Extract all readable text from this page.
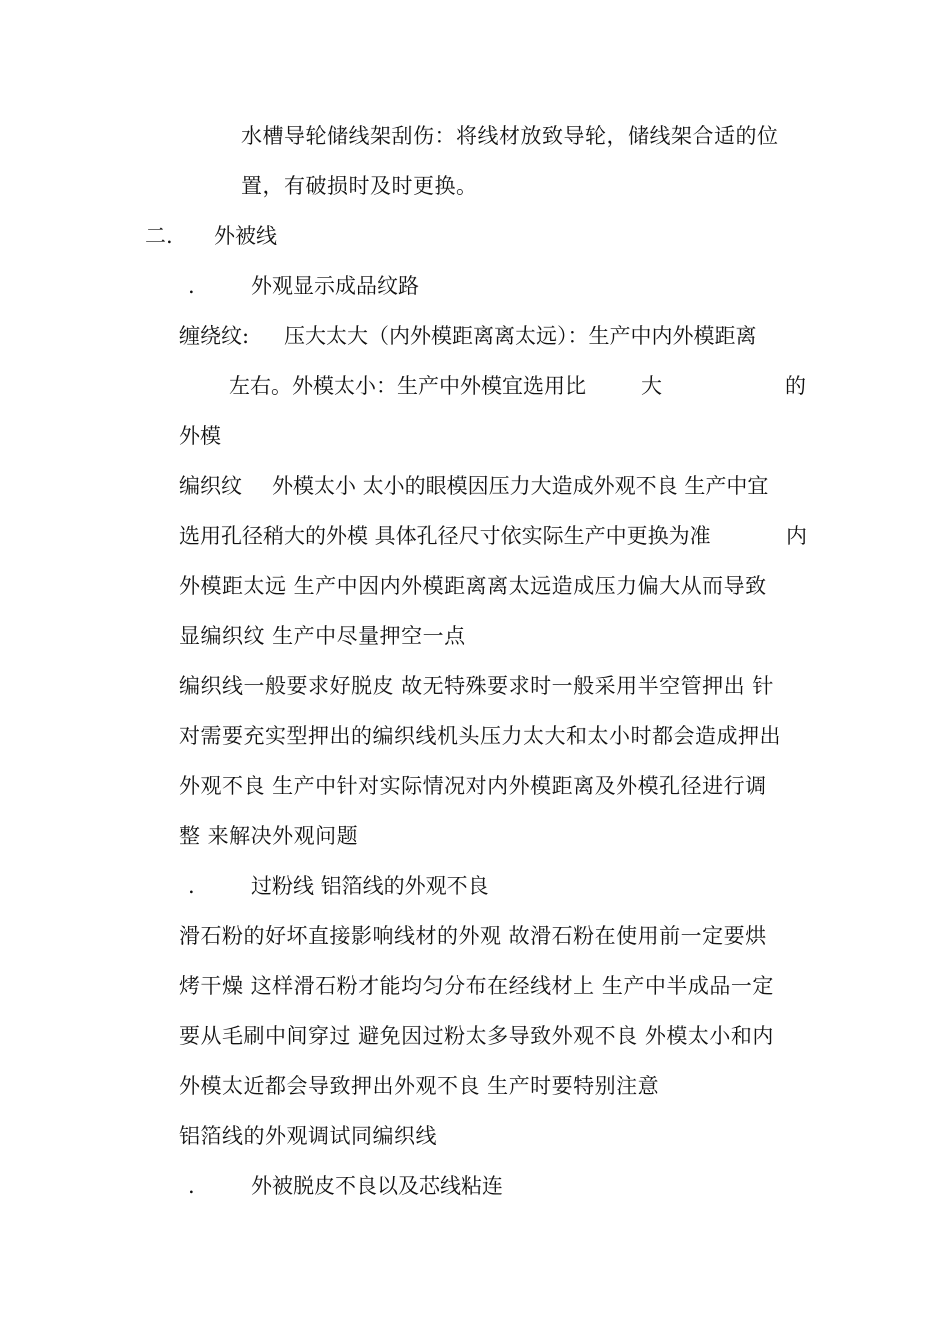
水槽导轮储线架刮伤：将线材放致导轮，储线架合适的位
置，有破损时及时更换。
二. 外被线
.	外观显示成品纹路
缠绕纹: 压大太大（内外模距离离太远）：生产中内外模距离
左右。外模太小：生产中外模宜选用比	大	的
外模
编织纹 外模太小 太小的眼模因压力大造成外观不良 生产中宜
选用孔径稍大的外模 具体孔径尺寸依实际生产中更换为准	内
外模距太远 生产中因内外模距离离太远造成压力偏大从而导致
显编织纹 生产中尽量押空一点
编织线一般要求好脱皮 故无特殊要求时一般采用半空管押出 针
对需要充实型押出的编织线机头压力太大和太小时都会造成押出
外观不良 生产中针对实际情况对内外模距离及外模孔径进行调
整 来解决外观问题
.	过粉线 铝箔线的外观不良
滑石粉的好坏直接影响线材的外观 故滑石粉在使用前一定要烘
烤干燥 这样滑石粉才能均匀分布在经线材上 生产中半成品一定
要从毛刷中间穿过 避免因过粉太多导致外观不良 外模太小和内
外模太近都会导致押出外观不良 生产时要特别注意
铝箔线的外观调试同编织线
.	外被脱皮不良以及芯线粘连
